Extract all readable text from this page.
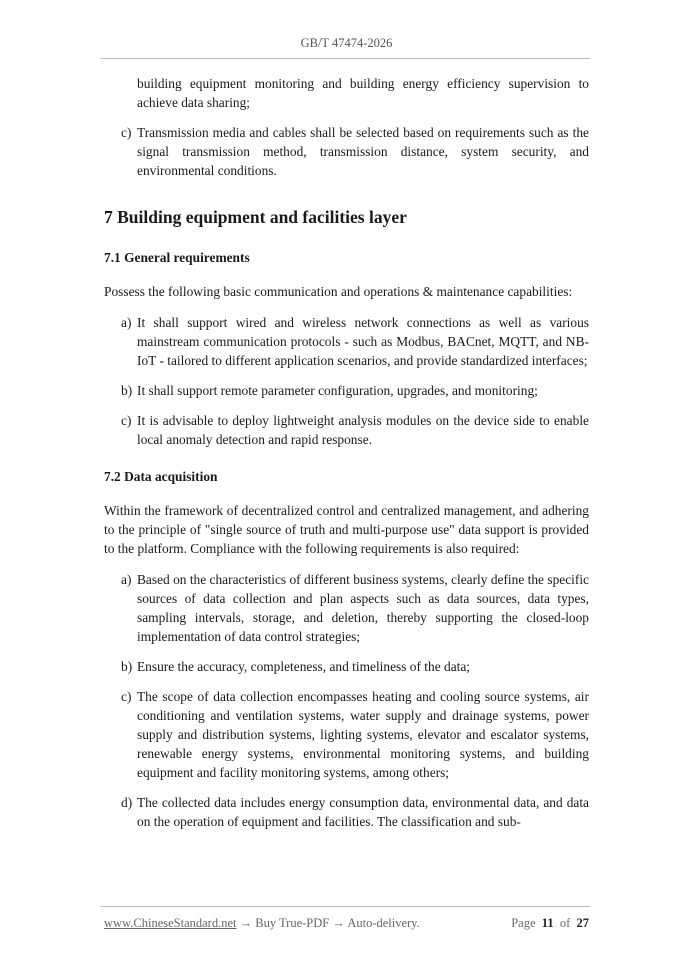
GB/T 47474-2026

building equipment monitoring and building energy efficiency supervision to achieve data sharing;

c) Transmission media and cables shall be selected based on requirements such as the signal transmission method, transmission distance, system security, and environmental conditions.
7 Building equipment and facilities layer
7.1 General requirements

Possess the following basic communication and operations & maintenance capabilities:

a) It shall support wired and wireless network connections as well as various mainstream communication protocols - such as Modbus, BACnet, MQTT, and NB-IoT - tailored to different application scenarios, and provide standardized interfaces;
b) It shall support remote parameter configuration, upgrades, and monitoring;
c) It is advisable to deploy lightweight analysis modules on the device side to enable local anomaly detection and rapid response.
7.2 Data acquisition

Within the framework of decentralized control and centralized management, and adhering to the principle of "single source of truth and multi-purpose use" data support is provided to the platform. Compliance with the following requirements is also required:

a) Based on the characteristics of different business systems, clearly define the specific sources of data collection and plan aspects such as data sources, data types, sampling intervals, storage, and deletion, thereby supporting the closed-loop implementation of data control strategies;
b) Ensure the accuracy, completeness, and timeliness of the data;
c) The scope of data collection encompasses heating and cooling source systems, air conditioning and ventilation systems, water supply and drainage systems, power supply and distribution systems, lighting systems, elevator and escalator systems, renewable energy systems, environmental monitoring systems, and building equipment and facility monitoring systems, among others;
d) The collected data includes energy consumption data, environmental data, and data on the operation of equipment and facilities. The classification and sub-
www.ChineseStandard.net → Buy True-PDF → Auto-delivery.	Page 11 of 27
